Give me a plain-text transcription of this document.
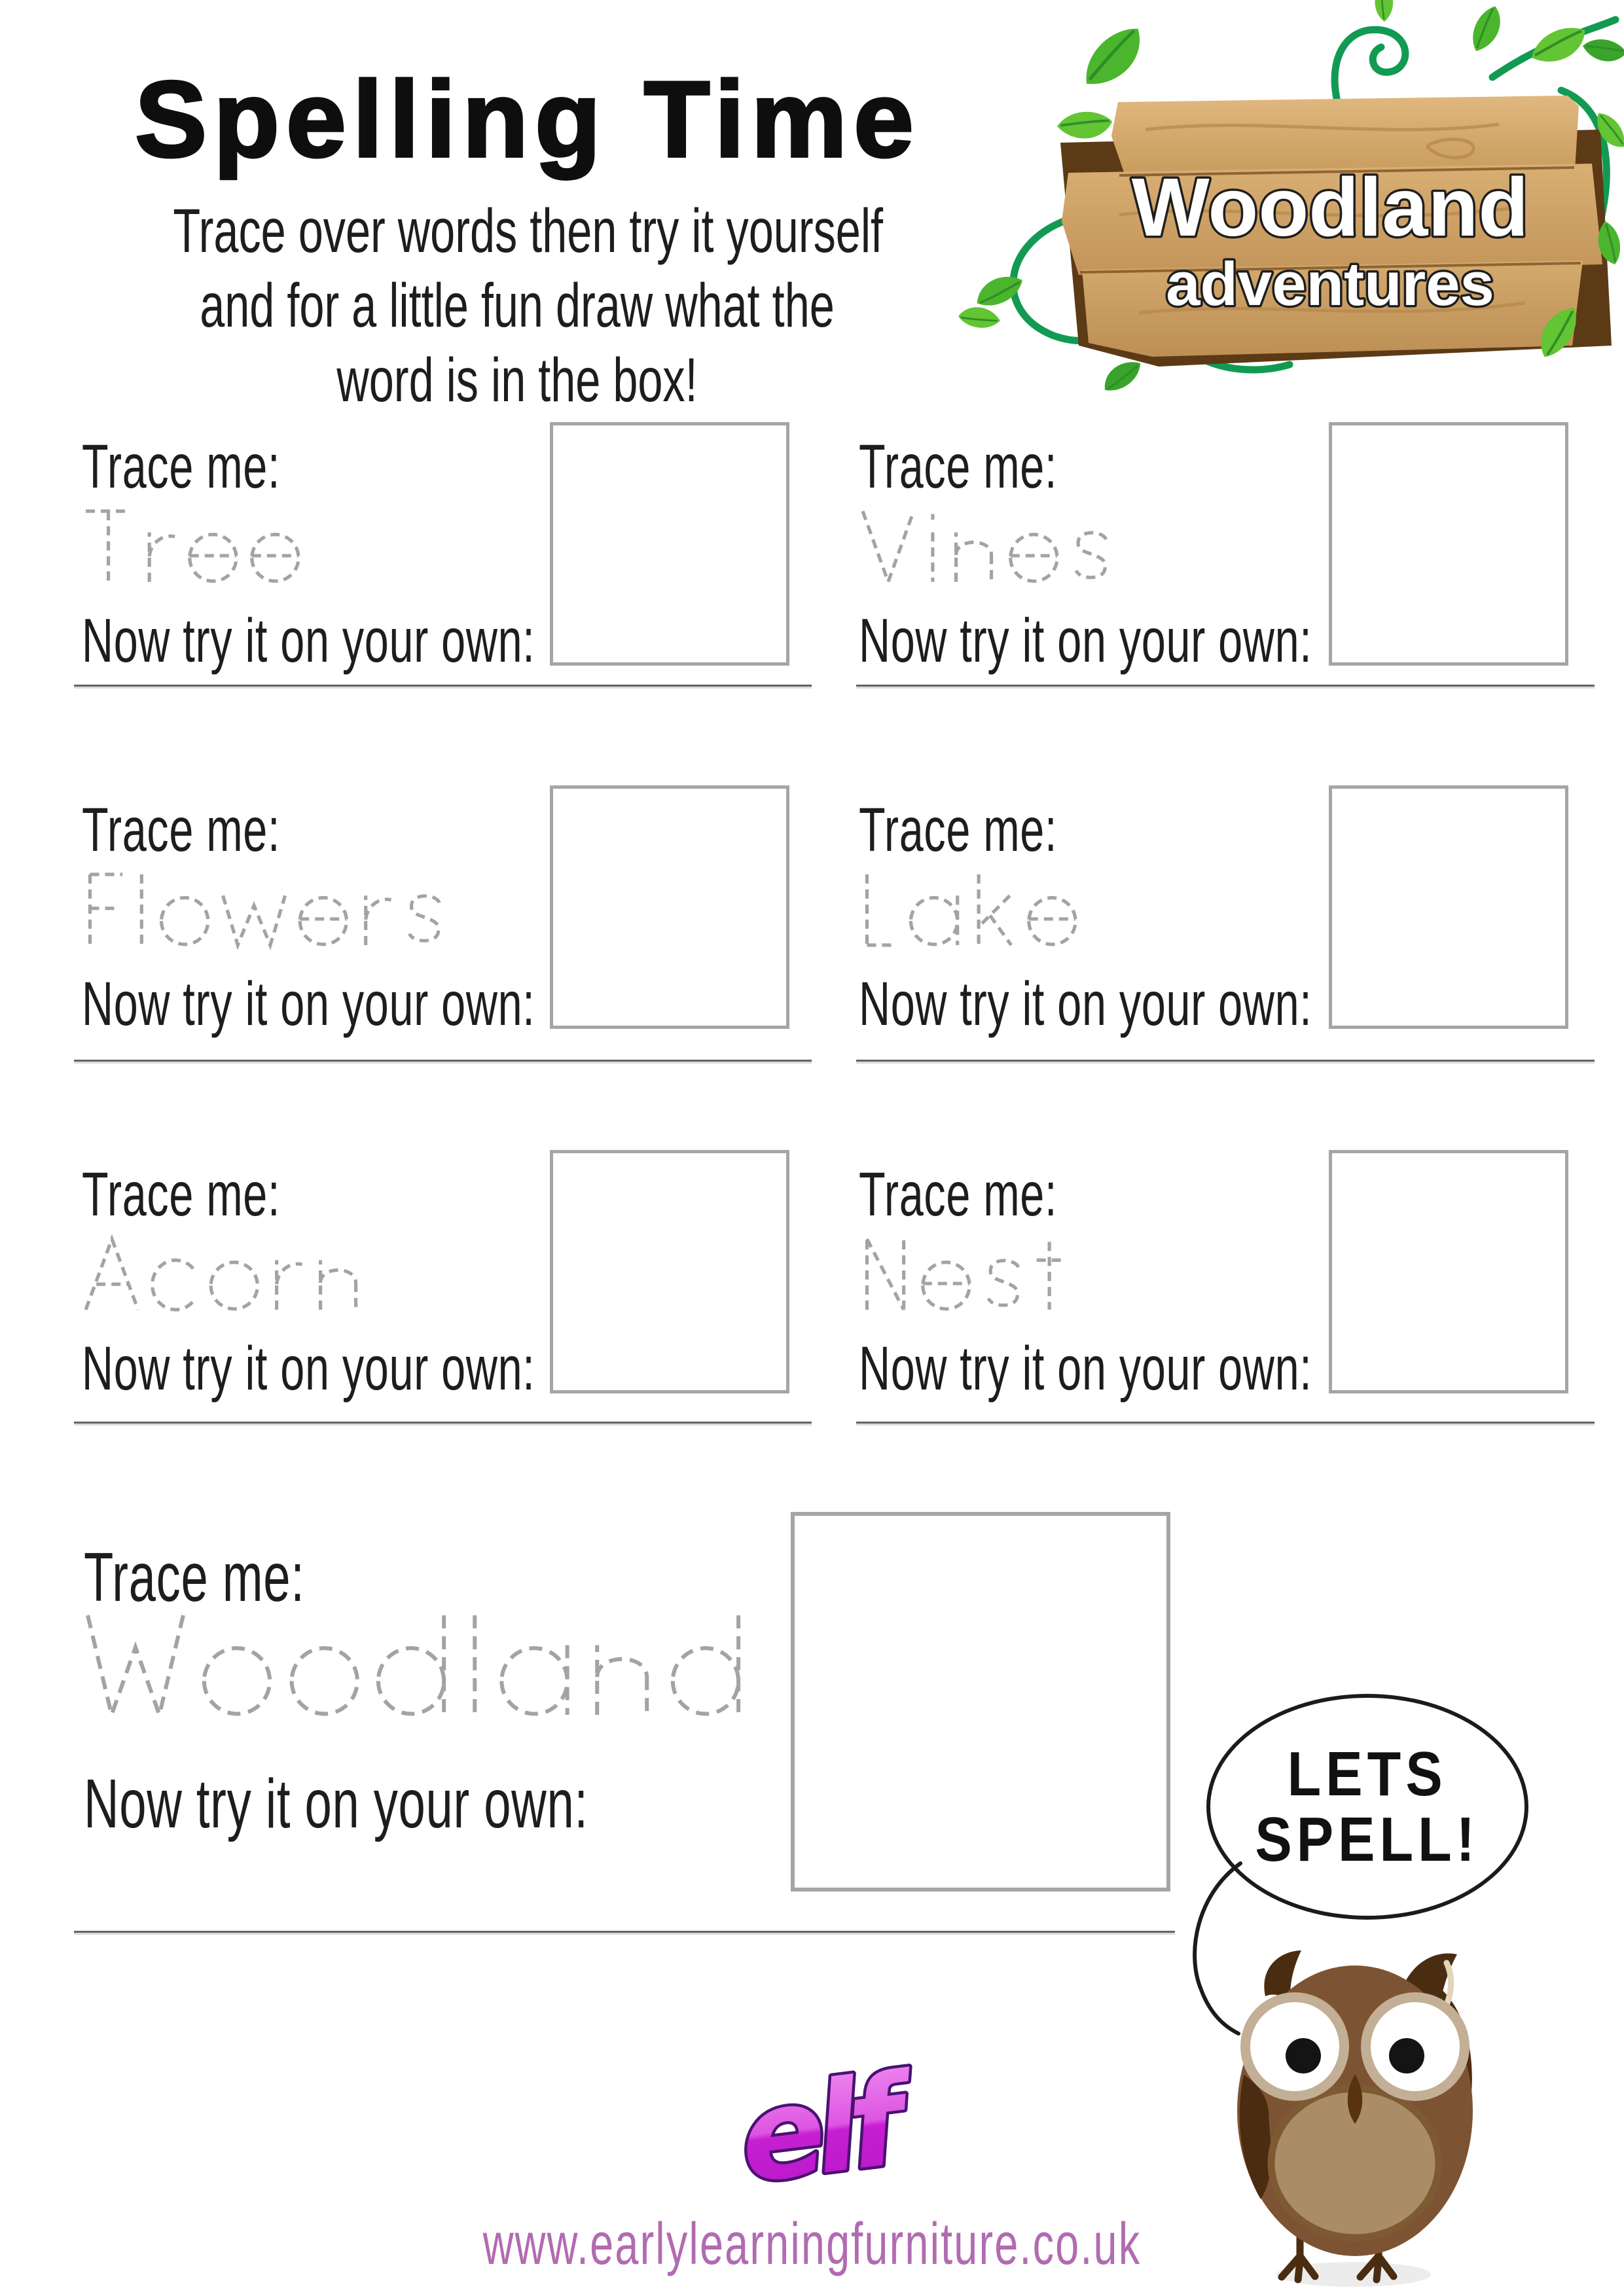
Spelling Time
Trace over words then try it yourself
and for a little fun draw what the
word is in the box!
Woodland
adventures
Trace me:
Now try it on your own:
Trace me:
Now try it on your own:
Trace me:
Now try it on your own:
Trace me:
Now try it on your own:
Trace me:
Now try it on your own:
Trace me:
Now try it on your own:
Trace me:
Now try it on your own:	LETS
SPELL!
elf
www.earlylearningfurniture.co.uk
